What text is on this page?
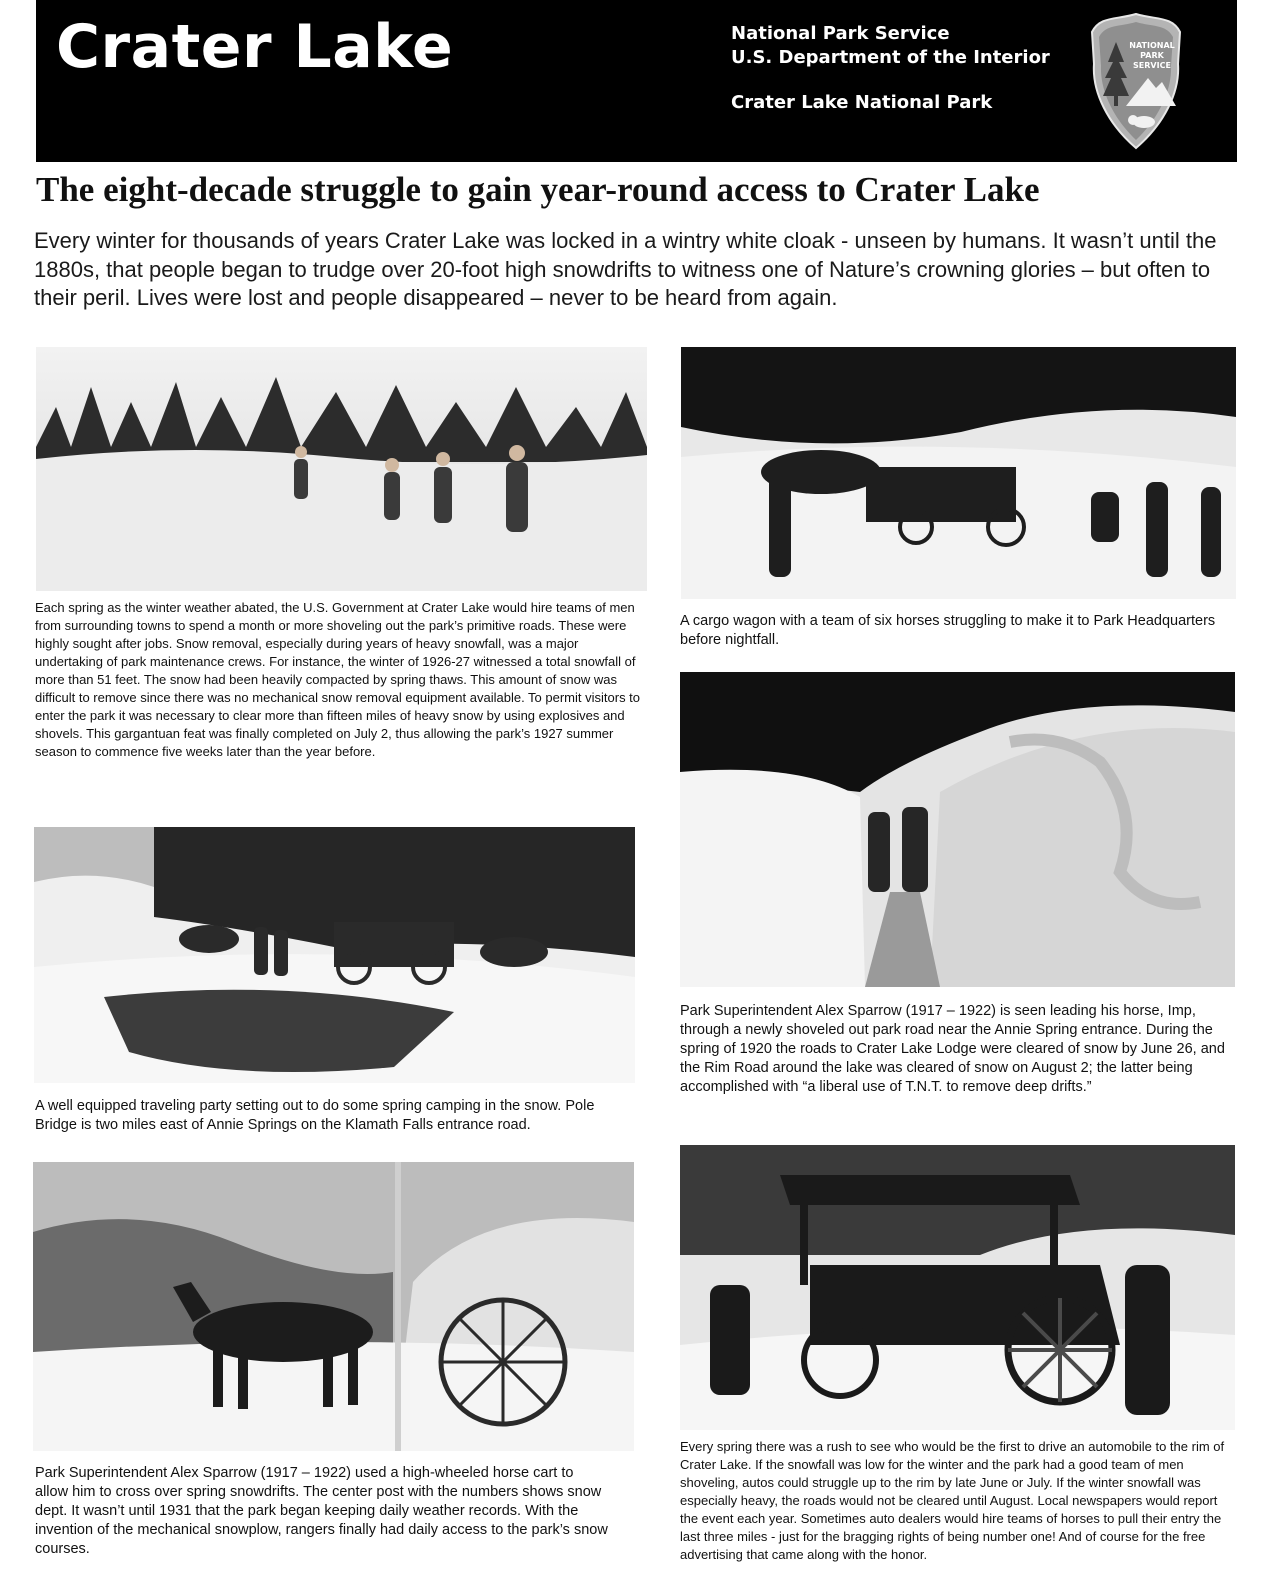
Crater Lake	National Park Service
U.S. Department of the Interior
Crater Lake National Park
NATIONAL
PARK
SERVICE
The eight-decade struggle to gain year-round access to Crater Lake

Every winter for thousands of years Crater Lake was locked in a wintry white cloak - unseen by humans. It wasn’t until the 1880s, that people began to trudge over 20-foot high snowdrifts to witness one of Nature’s crowning glories – but often to their peril. Lives were lost and people disappeared – never to be heard from again.

Each spring as the winter weather abated, the U.S. Government at Crater Lake would hire teams of men from surrounding towns to spend a month or more shoveling out the park’s primitive roads. These were highly sought after jobs. Snow removal, especially during years of heavy snowfall, was a major undertaking of park maintenance crews. For instance, the winter of 1926-27 witnessed a total snowfall of more than 51 feet. The snow had been heavily compacted by spring thaws. This amount of snow was difficult to remove since there was no mechanical snow removal equipment available. To permit visitors to enter the park it was necessary to clear more than fifteen miles of heavy snow by using explosives and shovels. This gargantuan feat was finally completed on July 2, thus allowing the park’s 1927 summer season to commence five weeks later than the year before.
A cargo wagon with a team of six horses struggling to make it to Park Headquarters before nightfall.
Park Superintendent Alex Sparrow (1917 – 1922) is seen leading his horse, Imp, through a newly shoveled out park road near the Annie Spring entrance. During the spring of 1920 the roads to Crater Lake Lodge were cleared of snow by June 26, and the Rim Road around the lake was cleared of snow on August 2; the latter being accomplished with “a liberal use of T.N.T. to remove deep drifts.”
A well equipped traveling party setting out to do some spring camping in the snow. Pole Bridge is two miles east of Annie Springs on the Klamath Falls entrance road.
Park Superintendent Alex Sparrow (1917 – 1922) used a high-wheeled horse cart to allow him to cross over spring snowdrifts. The center post with the numbers shows snow dept. It wasn’t until 1931 that the park began keeping daily weather records. With the invention of the mechanical snowplow, rangers finally had daily access to the park’s snow courses.
Every spring there was a rush to see who would be the first to drive an automobile to the rim of Crater Lake. If the snowfall was low for the winter and the park had a good team of men shoveling, autos could struggle up to the rim by late June or July. If the winter snowfall was especially heavy, the roads would not be cleared until August. Local newspapers would report the event each year. Sometimes auto dealers would hire teams of horses to pull their entry the last three miles - just for the bragging rights of being number one! And of course for the free advertising that came along with the honor.
